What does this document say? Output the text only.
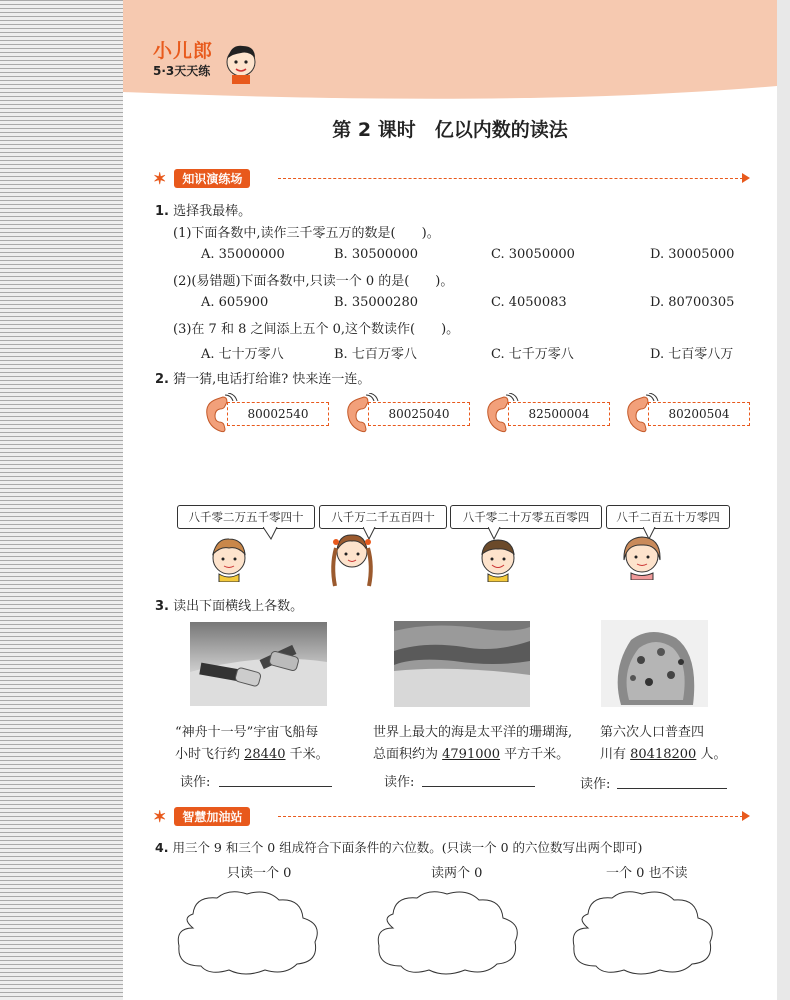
小儿郎
5·3天天练
第 2 课时　亿以内数的读法
✶	知识演练场
1. 选择我最棒。
(1)下面各数中,读作三千零五万的数是(　　)。
A. 35000000	B. 30500000	C. 30050000	D. 30005000
(2)(易错题)下面各数中,只读一个 0 的是(　　)。
A. 605900	B. 35000280	C. 4050083	D. 80700305
(3)在 7 和 8 之间添上五个 0,这个数读作(　　)。
A. 七十万零八	B. 七百万零八	C. 七千万零八	D. 七百零八万
2. 猜一猜,电话打给谁? 快来连一连。
80002540	80025040	82500004	80200504
八千零二万五千零四十	八千万二千五百四十	八千零二十万零五百零四	八千二百五十万零四
3. 读出下面横线上各数。
“神舟十一号”宇宙飞船每
小时飞行约 28440 千米。
世界上最大的海是太平洋的珊瑚海,
总面积约为 4791000 平方千米。
第六次人口普查四
川有 80418200 人。
读作:	读作:	读作:
✶	智慧加油站
4. 用三个 9 和三个 0 组成符合下面条件的六位数。(只读一个 0 的六位数写出两个即可)
只读一个 0	读两个 0	一个 0 也不读
